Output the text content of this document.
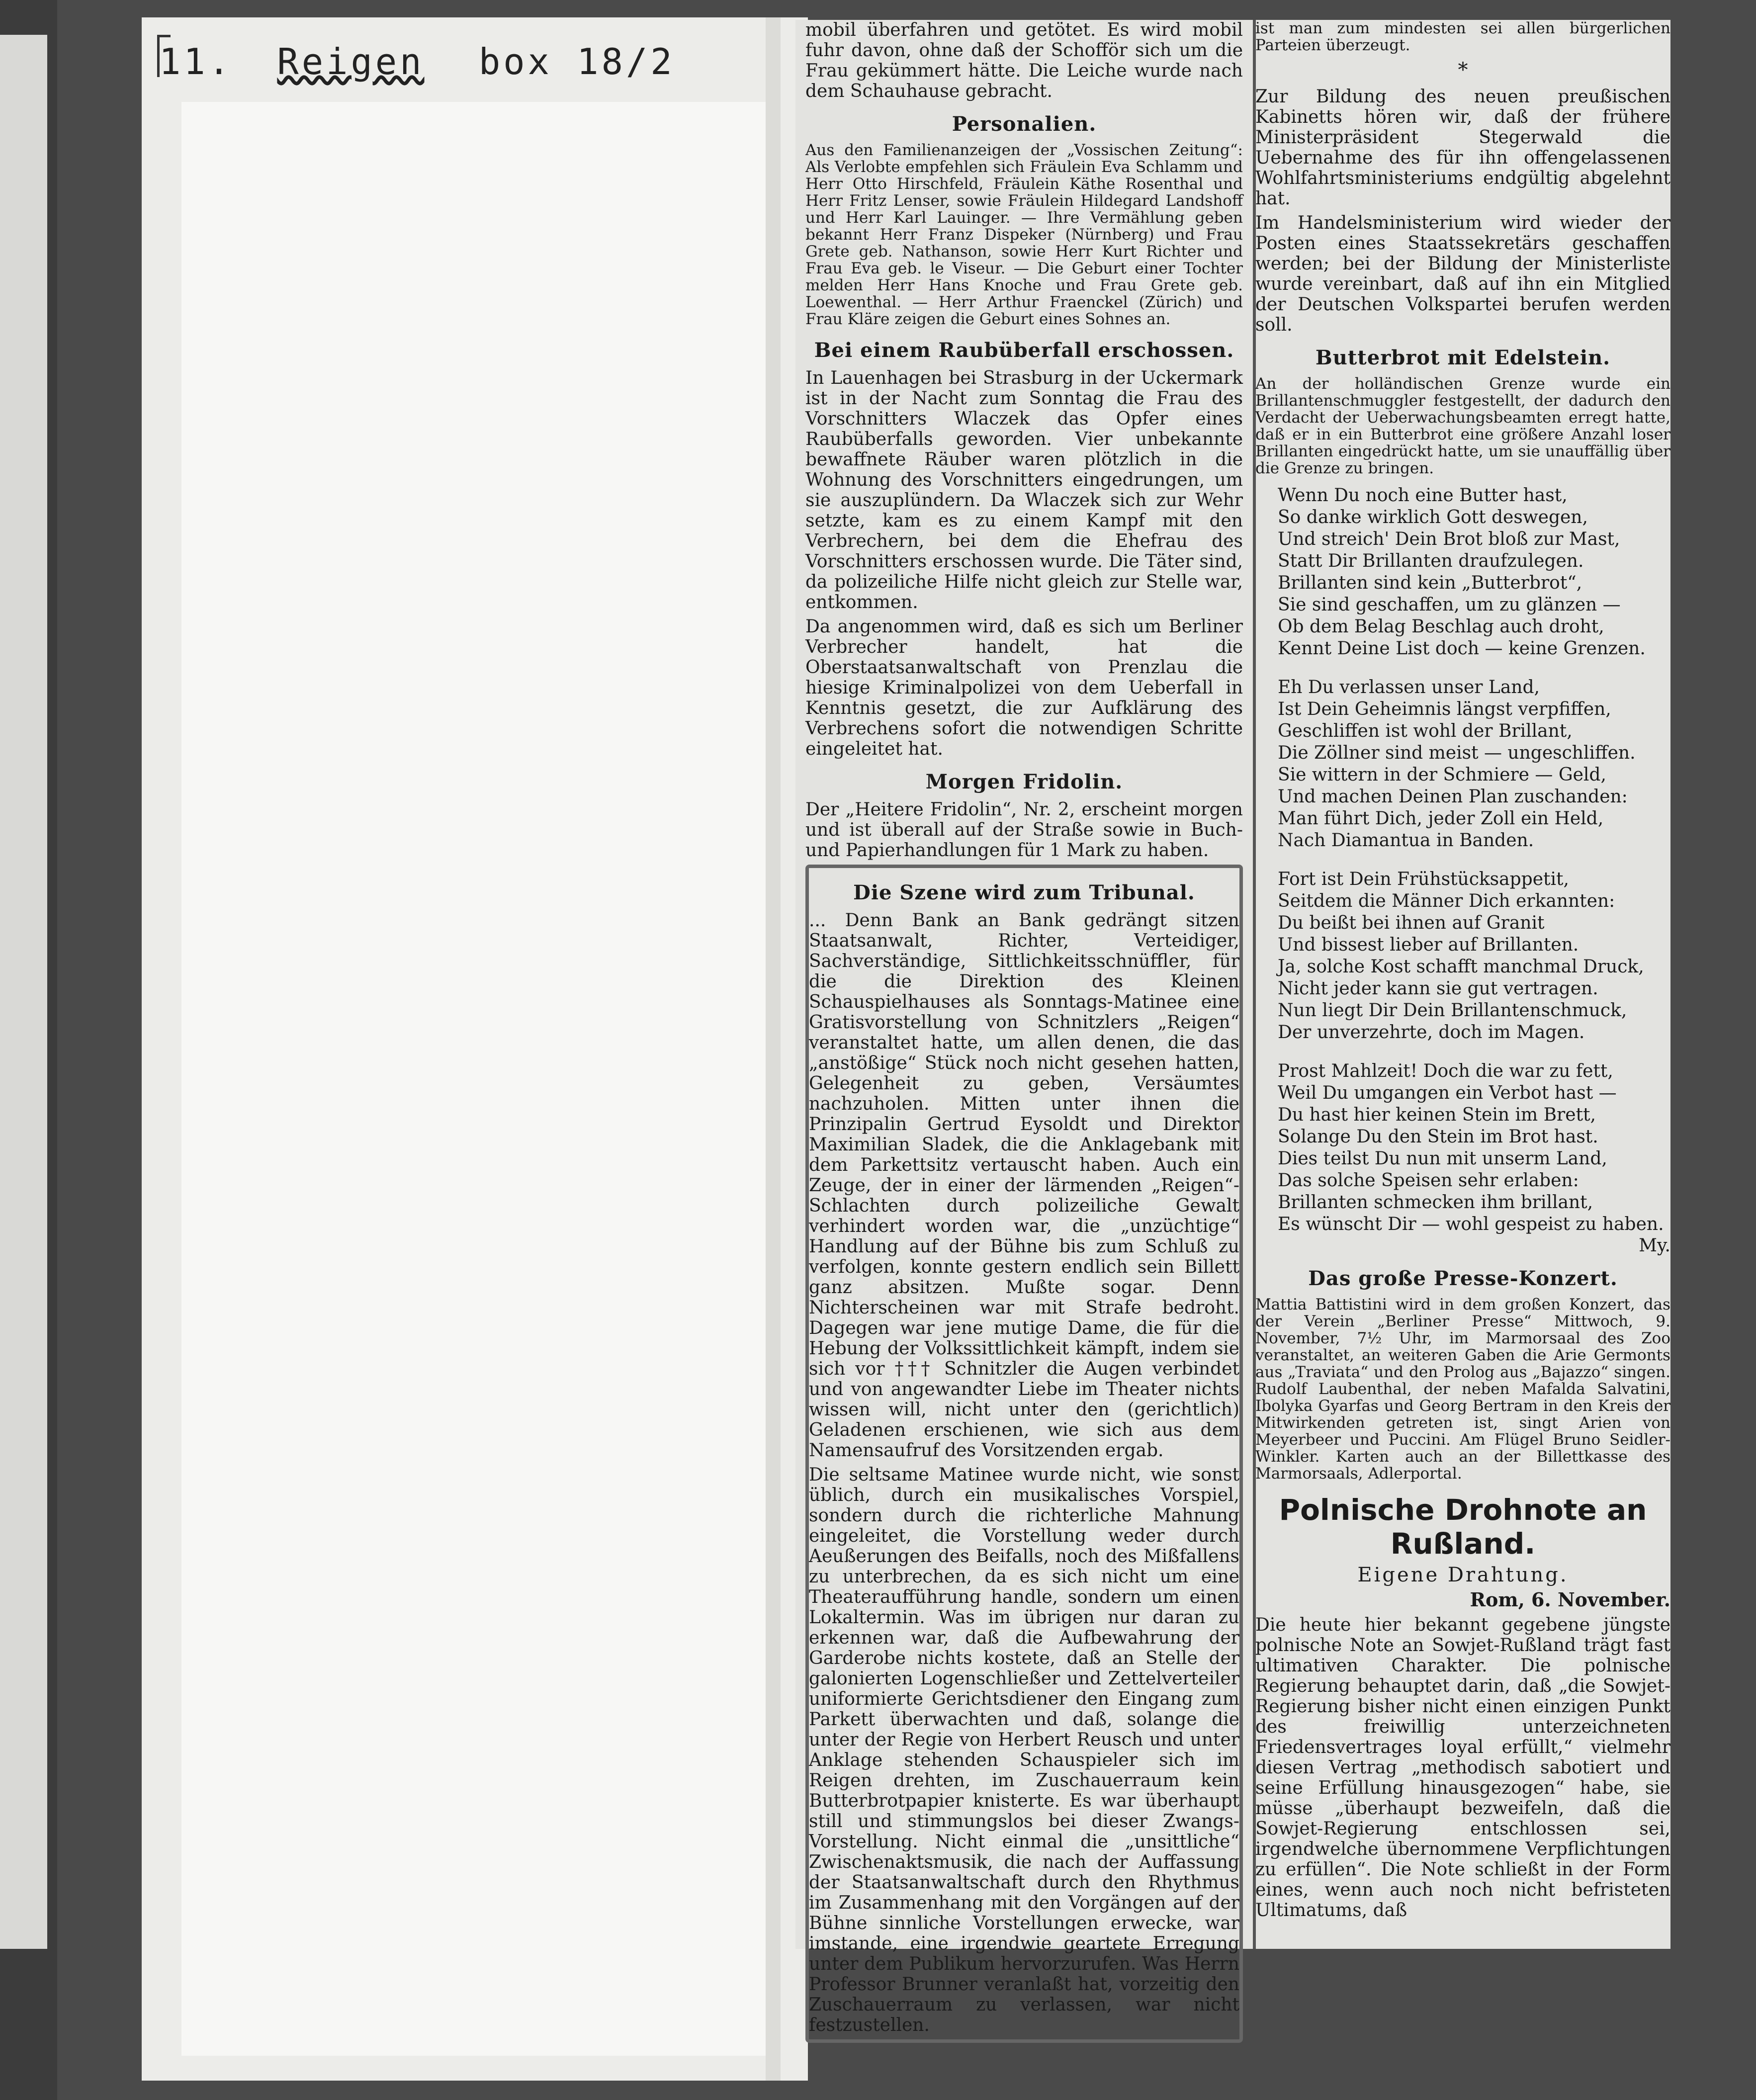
11. Reigen box 18/2

mobil überfahren und getötet. Es wird mobil fuhr davon, ohne daß der Schofför sich um die Frau gekümmert hätte. Die Leiche wurde nach dem Schauhause gebracht.

Personalien.

Aus den Familienanzeigen der „Vossischen Zeitung“: Als Verlobte empfehlen sich Fräulein Eva Schlamm und Herr Otto Hirschfeld, Fräulein Käthe Rosenthal und Herr Fritz Lenser, sowie Fräulein Hildegard Landshoff und Herr Karl Lauinger. — Ihre Vermählung geben bekannt Herr Franz Dispeker (Nürnberg) und Frau Grete geb. Nathanson, sowie Herr Kurt Richter und Frau Eva geb. le Viseur. — Die Geburt einer Tochter melden Herr Hans Knoche und Frau Grete geb. Loewenthal. — Herr Arthur Fraenckel (Zürich) und Frau Kläre zeigen die Geburt eines Sohnes an.

Bei einem Raubüberfall erschossen.

In Lauenhagen bei Strasburg in der Uckermark ist in der Nacht zum Sonntag die Frau des Vorschnitters Wlaczek das Opfer eines Raubüberfalls geworden. Vier unbekannte bewaffnete Räuber waren plötzlich in die Wohnung des Vorschnitters eingedrungen, um sie auszuplündern. Da Wlaczek sich zur Wehr setzte, kam es zu einem Kampf mit den Verbrechern, bei dem die Ehefrau des Vorschnitters erschossen wurde. Die Täter sind, da polizeiliche Hilfe nicht gleich zur Stelle war, entkommen.

Da angenommen wird, daß es sich um Berliner Verbrecher handelt, hat die Oberstaatsanwaltschaft von Prenzlau die hiesige Kriminalpolizei von dem Ueberfall in Kenntnis gesetzt, die zur Aufklärung des Verbrechens sofort die notwendigen Schritte eingeleitet hat.

Morgen Fridolin.

Der „Heitere Fridolin“, Nr. 2, erscheint morgen und ist überall auf der Straße sowie in Buch- und Papierhandlungen für 1 Mark zu haben.

Die Szene wird zum Tribunal.

... Denn Bank an Bank gedrängt sitzen Staatsanwalt, Richter, Verteidiger, Sachverständige, Sittlichkeitsschnüffler, für die die Direktion des Kleinen Schauspielhauses als Sonntags-Matinee eine Gratisvorstellung von Schnitzlers „Reigen“ veranstaltet hatte, um allen denen, die das „anstößige“ Stück noch nicht gesehen hatten, Gelegenheit zu geben, Versäumtes nachzuholen. Mitten unter ihnen die Prinzipalin Gertrud Eysoldt und Direktor Maximilian Sladek, die die Anklagebank mit dem Parkettsitz vertauscht haben. Auch ein Zeuge, der in einer der lärmenden „Reigen“-Schlachten durch polizeiliche Gewalt verhindert worden war, die „unzüchtige“ Handlung auf der Bühne bis zum Schluß zu verfolgen, konnte gestern endlich sein Billett ganz absitzen. Mußte sogar. Denn Nichterscheinen war mit Strafe bedroht. Dagegen war jene mutige Dame, die für die Hebung der Volkssittlichkeit kämpft, indem sie sich vor ††† Schnitzler die Augen verbindet und von angewandter Liebe im Theater nichts wissen will, nicht unter den (gerichtlich) Geladenen erschienen, wie sich aus dem Namensaufruf des Vorsitzenden ergab.

Die seltsame Matinee wurde nicht, wie sonst üblich, durch ein musikalisches Vorspiel, sondern durch die richterliche Mahnung eingeleitet, die Vorstellung weder durch Aeußerungen des Beifalls, noch des Mißfallens zu unterbrechen, da es sich nicht um eine Theateraufführung handle, sondern um einen Lokaltermin. Was im übrigen nur daran zu erkennen war, daß die Aufbewahrung der Garderobe nichts kostete, daß an Stelle der galonierten Logenschließer und Zettelverteiler uniformierte Gerichtsdiener den Eingang zum Parkett überwachten und daß, solange die unter der Regie von Herbert Reusch und unter Anklage stehenden Schauspieler sich im Reigen drehten, im Zuschauerraum kein Butterbrotpapier knisterte. Es war überhaupt still und stimmungslos bei dieser Zwangs-Vorstellung. Nicht einmal die „unsittliche“ Zwischenaktsmusik, die nach der Auffassung der Staatsanwaltschaft durch den Rhythmus im Zusammenhang mit den Vorgängen auf der Bühne sinnliche Vorstellungen erwecke, war imstande, eine irgendwie geartete Erregung unter dem Publikum hervorzurufen. Was Herrn Professor Brunner veranlaßt hat, vorzeitig den Zuschauerraum zu verlassen, war nicht festzustellen.

ist man zum mindesten sei allen bürgerlichen Parteien überzeugt.

*

Zur Bildung des neuen preußischen Kabinetts hören wir, daß der frühere Ministerpräsident Stegerwald die Uebernahme des für ihn offengelassenen Wohlfahrtsministeriums endgültig abgelehnt hat.

Im Handelsministerium wird wieder der Posten eines Staatssekretärs geschaffen werden; bei der Bildung der Ministerliste wurde vereinbart, daß auf ihn ein Mitglied der Deutschen Volkspartei berufen werden soll.

Butterbrot mit Edelstein.

An der holländischen Grenze wurde ein Brillantenschmuggler festgestellt, der dadurch den Verdacht der Ueberwachungsbeamten erregt hatte, daß er in ein Butterbrot eine größere Anzahl loser Brillanten eingedrückt hatte, um sie unauffällig über die Grenze zu bringen.

Wenn Du noch eine Butter hast,
So danke wirklich Gott deswegen,
Und streich' Dein Brot bloß zur Mast,
Statt Dir Brillanten draufzulegen.
Brillanten sind kein „Butterbrot“,
Sie sind geschaffen, um zu glänzen —
Ob dem Belag Beschlag auch droht,
Kennt Deine List doch — keine Grenzen.
Eh Du verlassen unser Land,
Ist Dein Geheimnis längst verpfiffen,
Geschliffen ist wohl der Brillant,
Die Zöllner sind meist — ungeschliffen.
Sie wittern in der Schmiere — Geld,
Und machen Deinen Plan zuschanden:
Man führt Dich, jeder Zoll ein Held,
Nach Diamantua in Banden.
Fort ist Dein Frühstücksappetit,
Seitdem die Männer Dich erkannten:
Du beißt bei ihnen auf Granit
Und bissest lieber auf Brillanten.
Ja, solche Kost schafft manchmal Druck,
Nicht jeder kann sie gut vertragen.
Nun liegt Dir Dein Brillantenschmuck,
Der unverzehrte, doch im Magen.
Prost Mahlzeit! Doch die war zu fett,
Weil Du umgangen ein Verbot hast —
Du hast hier keinen Stein im Brett,
Solange Du den Stein im Brot hast.
Dies teilst Du nun mit unserm Land,
Das solche Speisen sehr erlaben:
Brillanten schmecken ihm brillant,
Es wünscht Dir — wohl gespeist zu haben.
My.
Das große Presse-Konzert.

Mattia Battistini wird in dem großen Konzert, das der Verein „Berliner Presse“ Mittwoch, 9. November, 7½ Uhr, im Marmorsaal des Zoo veranstaltet, an weiteren Gaben die Arie Germonts aus „Traviata“ und den Prolog aus „Bajazzo“ singen. Rudolf Laubenthal, der neben Mafalda Salvatini, Ibolyka Gyarfas und Georg Bertram in den Kreis der Mitwirkenden getreten ist, singt Arien von Meyerbeer und Puccini. Am Flügel Bruno Seidler-Winkler. Karten auch an der Billettkasse des Marmorsaals, Adlerportal.

Polnische Drohnote an Rußland.
Eigene Drahtung.
Rom, 6. November.

Die heute hier bekannt gegebene jüngste polnische Note an Sowjet-Rußland trägt fast ultimativen Charakter. Die polnische Regierung behauptet darin, daß „die Sowjet-Regierung bisher nicht einen einzigen Punkt des freiwillig unterzeichneten Friedensvertrages loyal erfüllt,“ vielmehr diesen Vertrag „methodisch sabotiert und seine Erfüllung hinausgezogen“ habe, sie müsse „überhaupt bezweifeln, daß die Sowjet-Regierung entschlossen sei, irgendwelche übernommene Verpflichtungen zu erfüllen“. Die Note schließt in der Form eines, wenn auch noch nicht befristeten Ultimatums, daß
